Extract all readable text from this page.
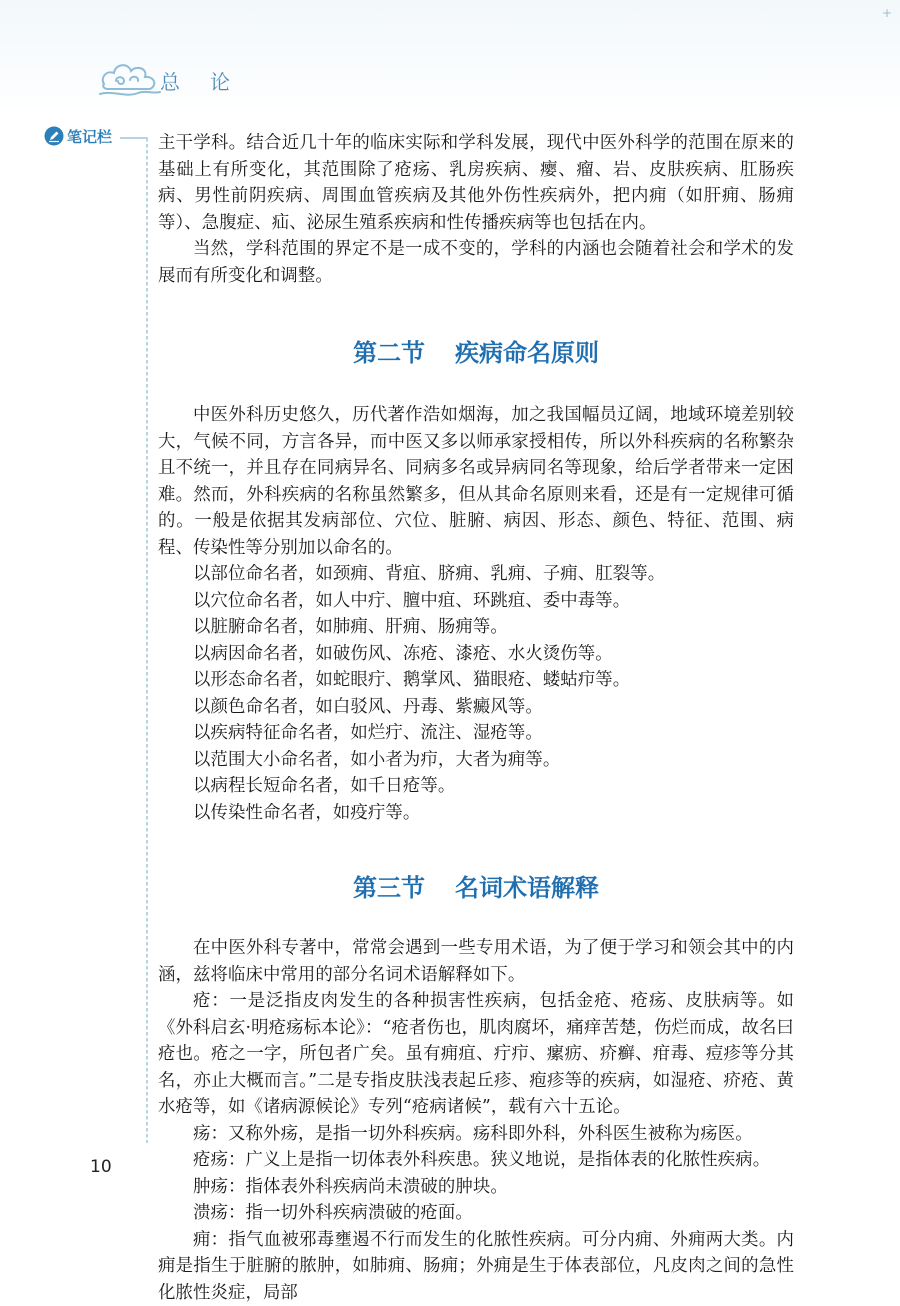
+
总 论
笔记栏	主干学科。结合近几十年的临床实际和学科发展，现代中医外科学的范围在原来的基础上有所变化，其范围除了疮疡、乳房疾病、瘿、瘤、岩、皮肤疾病、肛肠疾病、男性前阴疾病、周围血管疾病及其他外伤性疾病外，把内痈（如肝痈、肠痈等）、急腹症、疝、泌尿生殖系疾病和性传播疾病等也包括在内。

当然，学科范围的界定不是一成不变的，学科的内涵也会随着社会和学术的发展而有所变化和调整。

第二节 疾病命名原则

中医外科历史悠久，历代著作浩如烟海，加之我国幅员辽阔，地域环境差别较大，气候不同，方言各异，而中医又多以师承家授相传，所以外科疾病的名称繁杂且不统一，并且存在同病异名、同病多名或异病同名等现象，给后学者带来一定困难。然而，外科疾病的名称虽然繁多，但从其命名原则来看，还是有一定规律可循的。一般是依据其发病部位、穴位、脏腑、病因、形态、颜色、特征、范围、病程、传染性等分别加以命名的。

以部位命名者，如颈痈、背疽、脐痈、乳痈、子痈、肛裂等。

以穴位命名者，如人中疔、膻中疽、环跳疽、委中毒等。

以脏腑命名者，如肺痈、肝痈、肠痈等。

以病因命名者，如破伤风、冻疮、漆疮、水火烫伤等。

以形态命名者，如蛇眼疔、鹅掌风、猫眼疮、蝼蛄疖等。

以颜色命名者，如白驳风、丹毒、紫癜风等。

以疾病特征命名者，如烂疔、流注、湿疮等。

以范围大小命名者，如小者为疖，大者为痈等。

以病程长短命名者，如千日疮等。

以传染性命名者，如疫疔等。

第三节 名词术语解释

在中医外科专著中，常常会遇到一些专用术语，为了便于学习和领会其中的内涵，兹将临床中常用的部分名词术语解释如下。

疮：一是泛指皮肉发生的各种损害性疾病，包括金疮、疮疡、皮肤病等。如《外科启玄·明疮疡标本论》：“疮者伤也，肌肉腐坏，痛痒苦楚，伤烂而成，故名曰疮也。疮之一字，所包者广矣。虽有痈疽、疔疖、瘰疬、疥癣、疳毒、痘疹等分其名，亦止大概而言。”二是专指皮肤浅表起丘疹、疱疹等的疾病，如湿疮、疥疮、黄水疮等，如《诸病源候论》专列“疮病诸候”，载有六十五论。

疡：又称外疡，是指一切外科疾病。疡科即外科，外科医生被称为疡医。

疮疡：广义上是指一切体表外科疾患。狭义地说，是指体表的化脓性疾病。

肿疡：指体表外科疾病尚未溃破的肿块。

溃疡：指一切外科疾病溃破的疮面。

痈：指气血被邪毒壅遏不行而发生的化脓性疾病。可分内痈、外痈两大类。内痈是指生于脏腑的脓肿，如肺痈、肠痈；外痈是生于体表部位，凡皮肉之间的急性化脓性炎症，局部

10
